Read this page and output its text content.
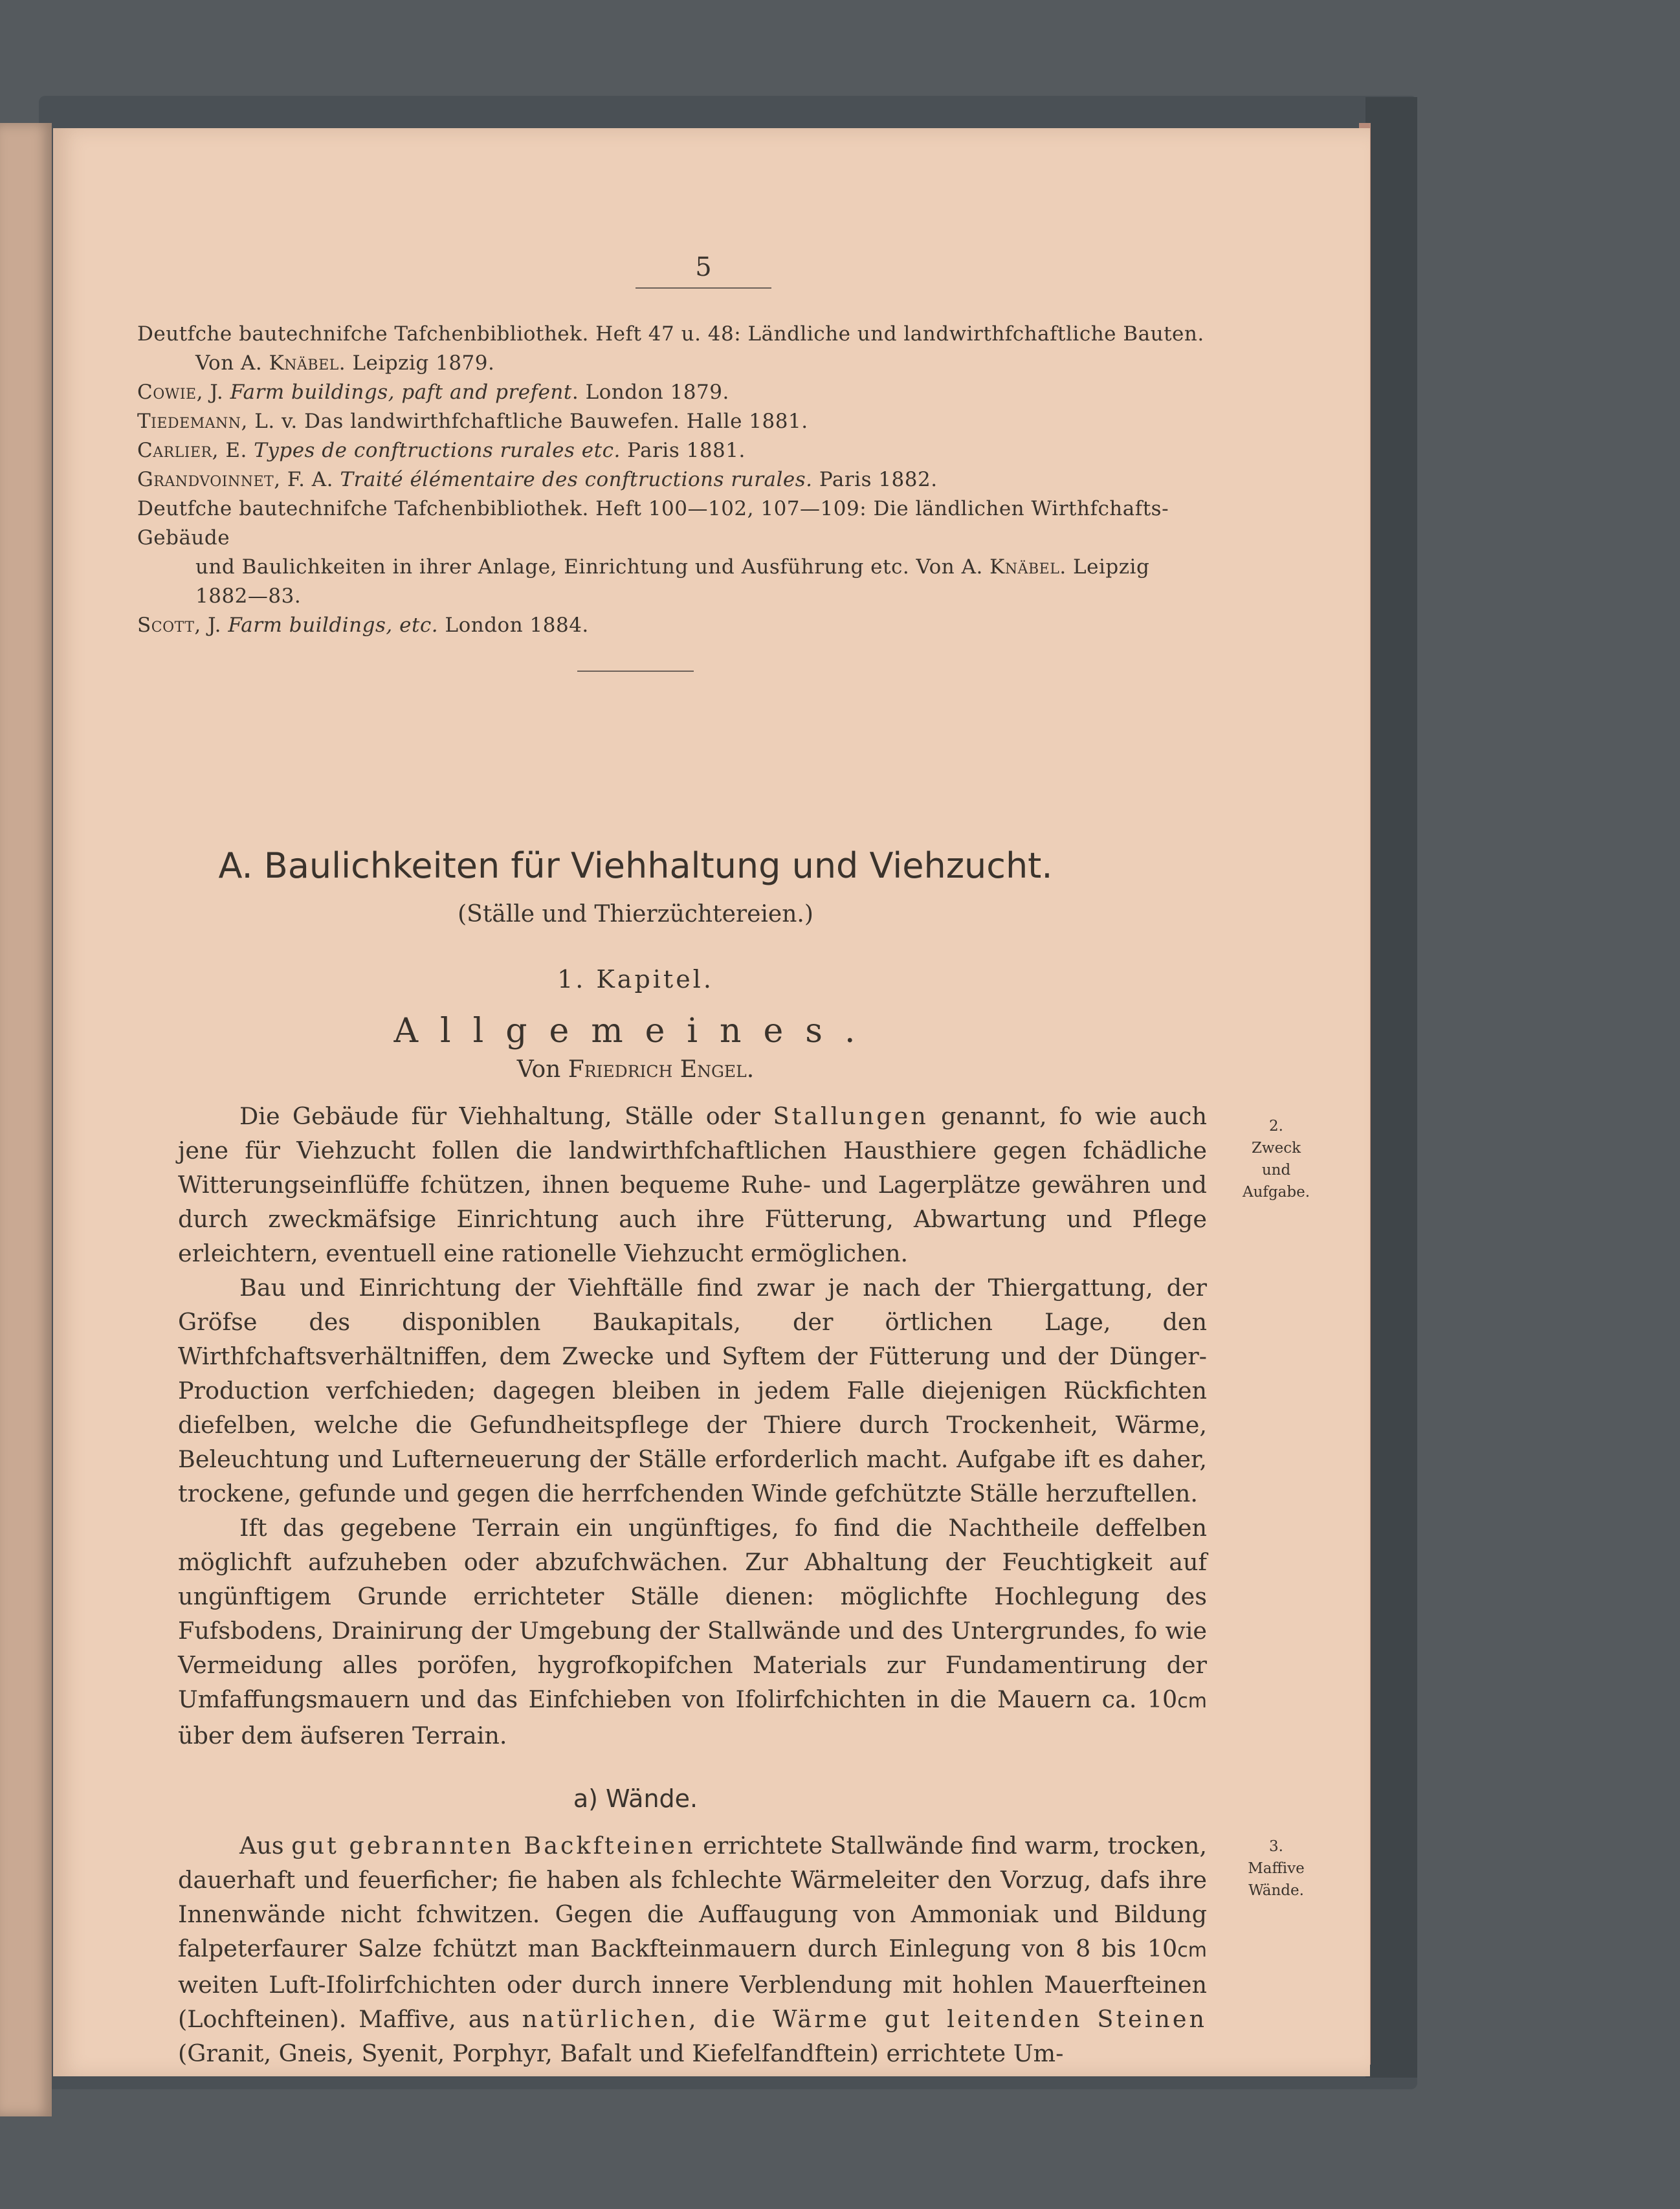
5
Deutfche bautechnifche Tafchenbibliothek. Heft 47 u. 48: Ländliche und landwirthfchaftliche Bauten.
Von A. Knäbel. Leipzig 1879.
Cowie, J. Farm buildings, paft and prefent. London 1879.
Tiedemann, L. v. Das landwirthfchaftliche Bauwefen. Halle 1881.
Carlier, E. Types de conftructions rurales etc. Paris 1881.
Grandvoinnet, F. A. Traité élémentaire des conftructions rurales. Paris 1882.
Deutfche bautechnifche Tafchenbibliothek. Heft 100—102, 107—109: Die ländlichen Wirthfchafts-Gebäude
und Baulichkeiten in ihrer Anlage, Einrichtung und Ausführung etc. Von A. Knäbel. Leipzig
1882—83.
Scott, J. Farm buildings, etc. London 1884.
A. Baulichkeiten für Viehhaltung und Viehzucht.
(Ställe und Thierzüchtereien.)
1. Kapitel.
Allgemeines.
Von Friedrich Engel.

Die Gebäude für Viehhaltung, Ställe oder Stallungen genannt, fo wie auch jene für Viehzucht follen die landwirthfchaftlichen Hausthiere gegen fchädliche Witterungseinflüffe fchützen, ihnen bequeme Ruhe- und Lagerplätze gewähren und durch zweckmäfsige Einrichtung auch ihre Fütterung, Abwartung und Pflege erleichtern, eventuell eine rationelle Viehzucht ermöglichen.

Bau und Einrichtung der Viehftälle find zwar je nach der Thiergattung, der Gröfse des disponiblen Baukapitals, der örtlichen Lage, den Wirthfchaftsverhältniffen, dem Zwecke und Syftem der Fütterung und der Dünger-Production verfchieden; dagegen bleiben in jedem Falle diejenigen Rückfichten diefelben, welche die Gefundheitspflege der Thiere durch Trockenheit, Wärme, Beleuchtung und Lufterneuerung der Ställe erforderlich macht. Aufgabe ift es daher, trockene, gefunde und gegen die herrfchenden Winde gefchützte Ställe herzuftellen.

Ift das gegebene Terrain ein ungünftiges, fo find die Nachtheile deffelben möglichft aufzuheben oder abzufchwächen. Zur Abhaltung der Feuchtigkeit auf ungünftigem Grunde errichteter Ställe dienen: möglichfte Hochlegung des Fufsbodens, Drainirung der Umgebung der Stallwände und des Untergrundes, fo wie Vermeidung alles poröfen, hygrofkopifchen Materials zur Fundamentirung der Umfaffungsmauern und das Einfchieben von Ifolirfchichten in die Mauern ca. 10cm über dem äufseren Terrain.

a) Wände.

Aus gut gebrannten Backfteinen errichtete Stallwände find warm, trocken, dauerhaft und feuerficher; fie haben als fchlechte Wärmeleiter den Vorzug, dafs ihre Innenwände nicht fchwitzen. Gegen die Auffaugung von Ammoniak und Bildung falpeterfaurer Salze fchützt man Backfteinmauern durch Einlegung von 8 bis 10cm weiten Luft-Ifolirfchichten oder durch innere Verblendung mit hohlen Mauerfteinen (Lochfteinen). Maffive, aus natürlichen, die Wärme gut leitenden Steinen (Granit, Gneis, Syenit, Porphyr, Bafalt und Kiefelfandftein) errichtete Um-

2.
Zweck
und
Aufgabe.
3.
Maffive
Wände.
